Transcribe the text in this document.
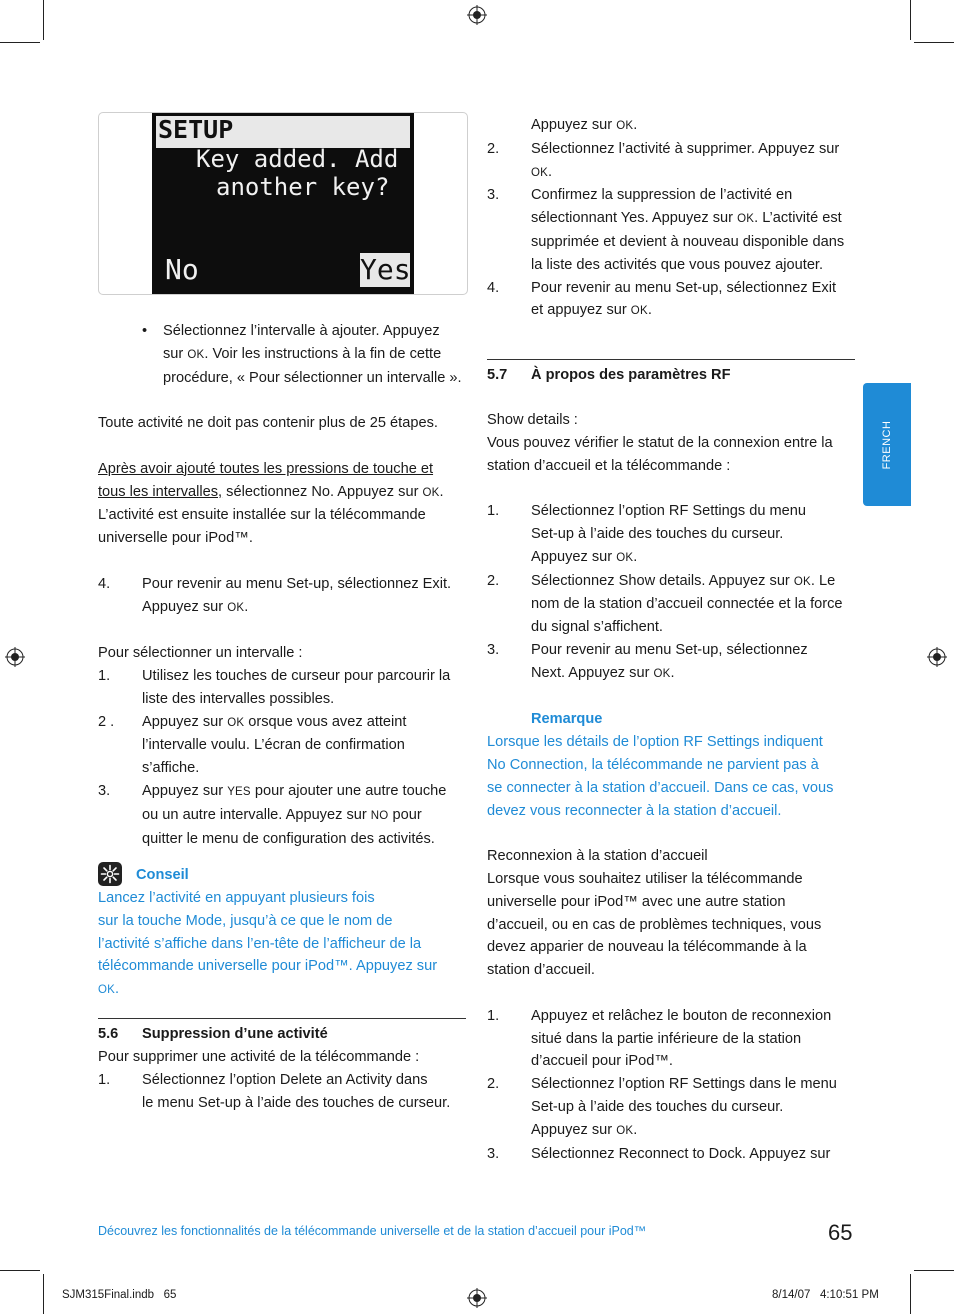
SETUP
Key added. Add
another key?
No	Yes
• Sélectionnez l’intervalle à ajouter. Appuyez

sur OK. Voir les instructions à la fin de cette

procédure, « Pour sélectionner un intervalle ».

Toute activité ne doit pas contenir plus de 25 étapes.

Après avoir ajouté toutes les pressions de touche et

tous les intervalles, sélectionnez No. Appuyez sur OK.

L’activité est ensuite installée sur la télécommande

universelle pour iPod™.

4. Pour revenir au menu Set-up, sélectionnez Exit.

Appuyez sur OK.

Pour sélectionner un intervalle :

1. Utilisez les touches de curseur pour parcourir la

liste des intervalles possibles.

2 . Appuyez sur OK orsque vous avez atteint

l’intervalle voulu. L’écran de confirmation

s’affiche.

3. Appuyez sur YES pour ajouter une autre touche

ou un autre intervalle. Appuyez sur NO pour

quitter le menu de configuration des activités.

Conseil

Lancez l’activité en appuyant plusieurs fois

sur la touche Mode, jusqu’à ce que le nom de

l’activité s’affiche dans l’en-tête de l’afficheur de la

télécommande universelle pour iPod™. Appuyez sur

OK.

5.6 Suppression d’une activité

Pour supprimer une activité de la télécommande :

1. Sélectionnez l’option Delete an Activity dans

le menu Set-up à l’aide des touches de curseur.

Appuyez sur OK.

2. Sélectionnez l’activité à supprimer. Appuyez sur

OK.

3. Confirmez la suppression de l’activité en

sélectionnant Yes. Appuyez sur OK. L’activité est

supprimée et devient à nouveau disponible dans

la liste des activités que vous pouvez ajouter.

4. Pour revenir au menu Set-up, sélectionnez Exit

et appuyez sur OK.

5.7 À propos des paramètres RF

Show details :

Vous pouvez vérifier le statut de la connexion entre la

station d’accueil et la télécommande :

1. Sélectionnez l’option RF Settings du menu

Set-up à l’aide des touches du curseur.

Appuyez sur OK.

2. Sélectionnez Show details. Appuyez sur OK. Le

nom de la station d’accueil connectée et la force

du signal s’affichent.

3. Pour revenir au menu Set-up, sélectionnez

Next. Appuyez sur OK.

Remarque

Lorsque les détails de l’option RF Settings indiquent

No Connection, la télécommande ne parvient pas à

se connecter à la station d’accueil. Dans ce cas, vous

devez vous reconnecter à la station d’accueil.

Reconnexion à la station d’accueil

Lorsque vous souhaitez utiliser la télécommande

universelle pour iPod™ avec une autre station

d’accueil, ou en cas de problèmes techniques, vous

devez apparier de nouveau la télécommande à la

station d’accueil.

1. Appuyez et relâchez le bouton de reconnexion

situé dans la partie inférieure de la station

d’accueil pour iPod™.

2. Sélectionnez l’option RF Settings dans le menu

Set-up à l’aide des touches du curseur.

Appuyez sur OK.

3. Sélectionnez Reconnect to Dock. Appuyez sur

FRENCH
Découvrez les fonctionnalités de la télécommande universelle et de la station d’accueil pour iPod™	65
SJM315Final.indb   65	8/14/07   4:10:51 PM
